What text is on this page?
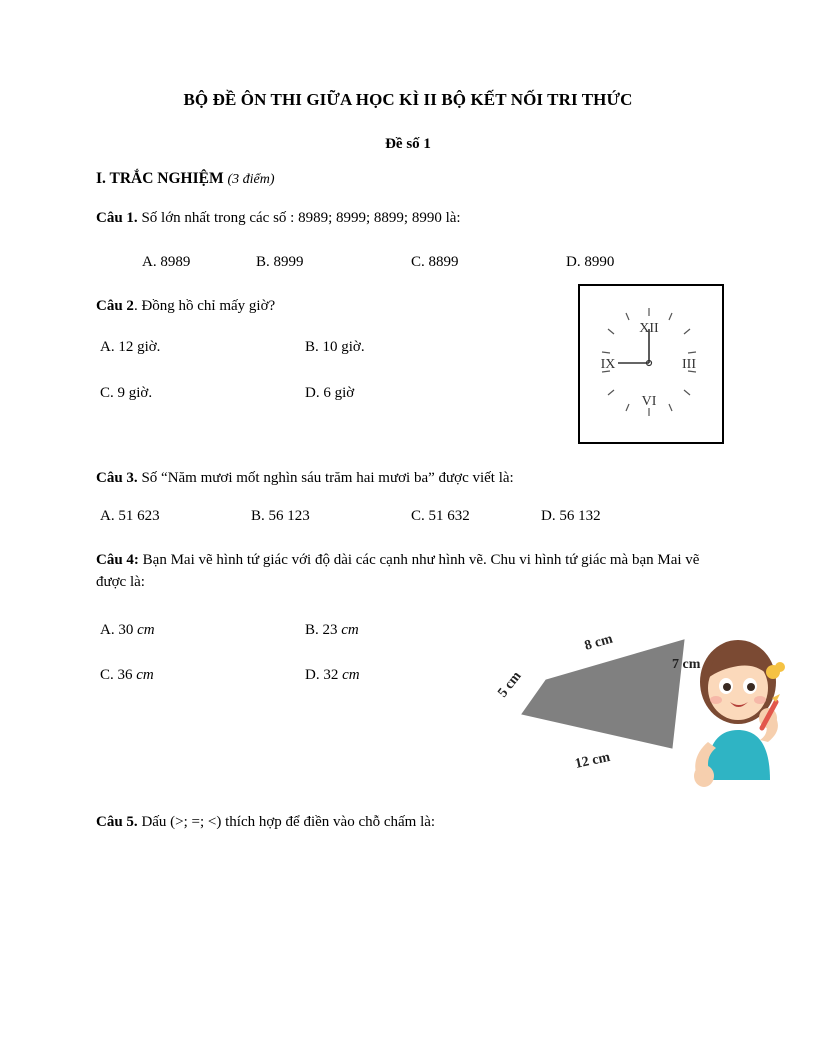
BỘ ĐỀ ÔN THI GIỮA HỌC KÌ II BỘ KẾT NỐI TRI THỨC
Đề số 1
I. TRẮC NGHIỆM (3 điểm)
Câu 1. Số lớn nhất trong các số : 8989; 8999; 8899; 8990 là:
A. 8989	B. 8999	C. 8899	D. 8990
Câu 2. Đồng hồ chỉ mấy giờ?
A. 12 giờ.	B. 10 giờ.
C. 9 giờ.	D. 6 giờ
XII
III
VI
IX
Câu 3. Số “Năm mươi mốt nghìn sáu trăm hai mươi ba” được viết là:
A. 51 623	B. 56 123	C. 51 632	D. 56 132
Câu 4: Bạn Mai vẽ hình tứ giác với độ dài các cạnh như hình vẽ. Chu vi hình tứ giác mà bạn Mai vẽ được là:
A. 30 cm	B. 23 cm
C. 36 cm	D. 32 cm
8 cm
7 cm
5 cm
12 cm
Câu 5. Dấu (>; =; <) thích hợp để điền vào chỗ chấm là:
